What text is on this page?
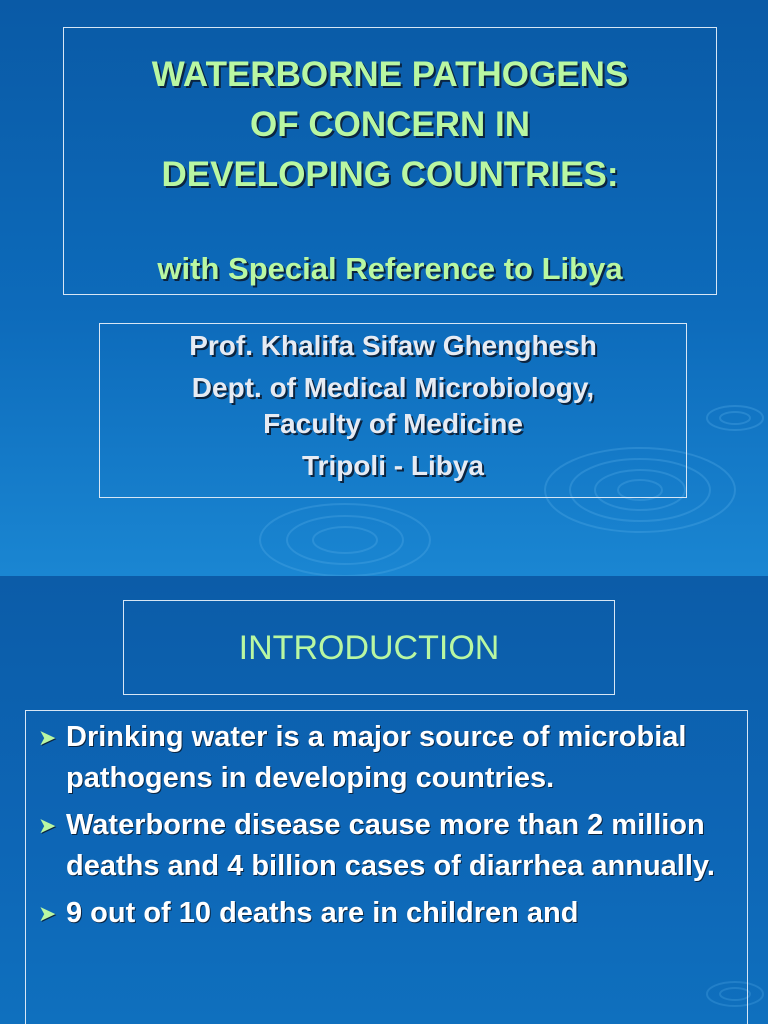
WATERBORNE PATHOGENS
OF CONCERN IN
DEVELOPING COUNTRIES:
with Special Reference to Libya
Prof. Khalifa Sifaw Ghenghesh
Dept. of Medical Microbiology,
Faculty of Medicine
Tripoli - Libya
INTRODUCTION
➤ Drinking water is a major source of microbial pathogens in developing countries.
➤ Waterborne disease cause more than 2 million deaths and 4 billion cases of diarrhea annually.
➤ 9 out of 10 deaths are in children and
